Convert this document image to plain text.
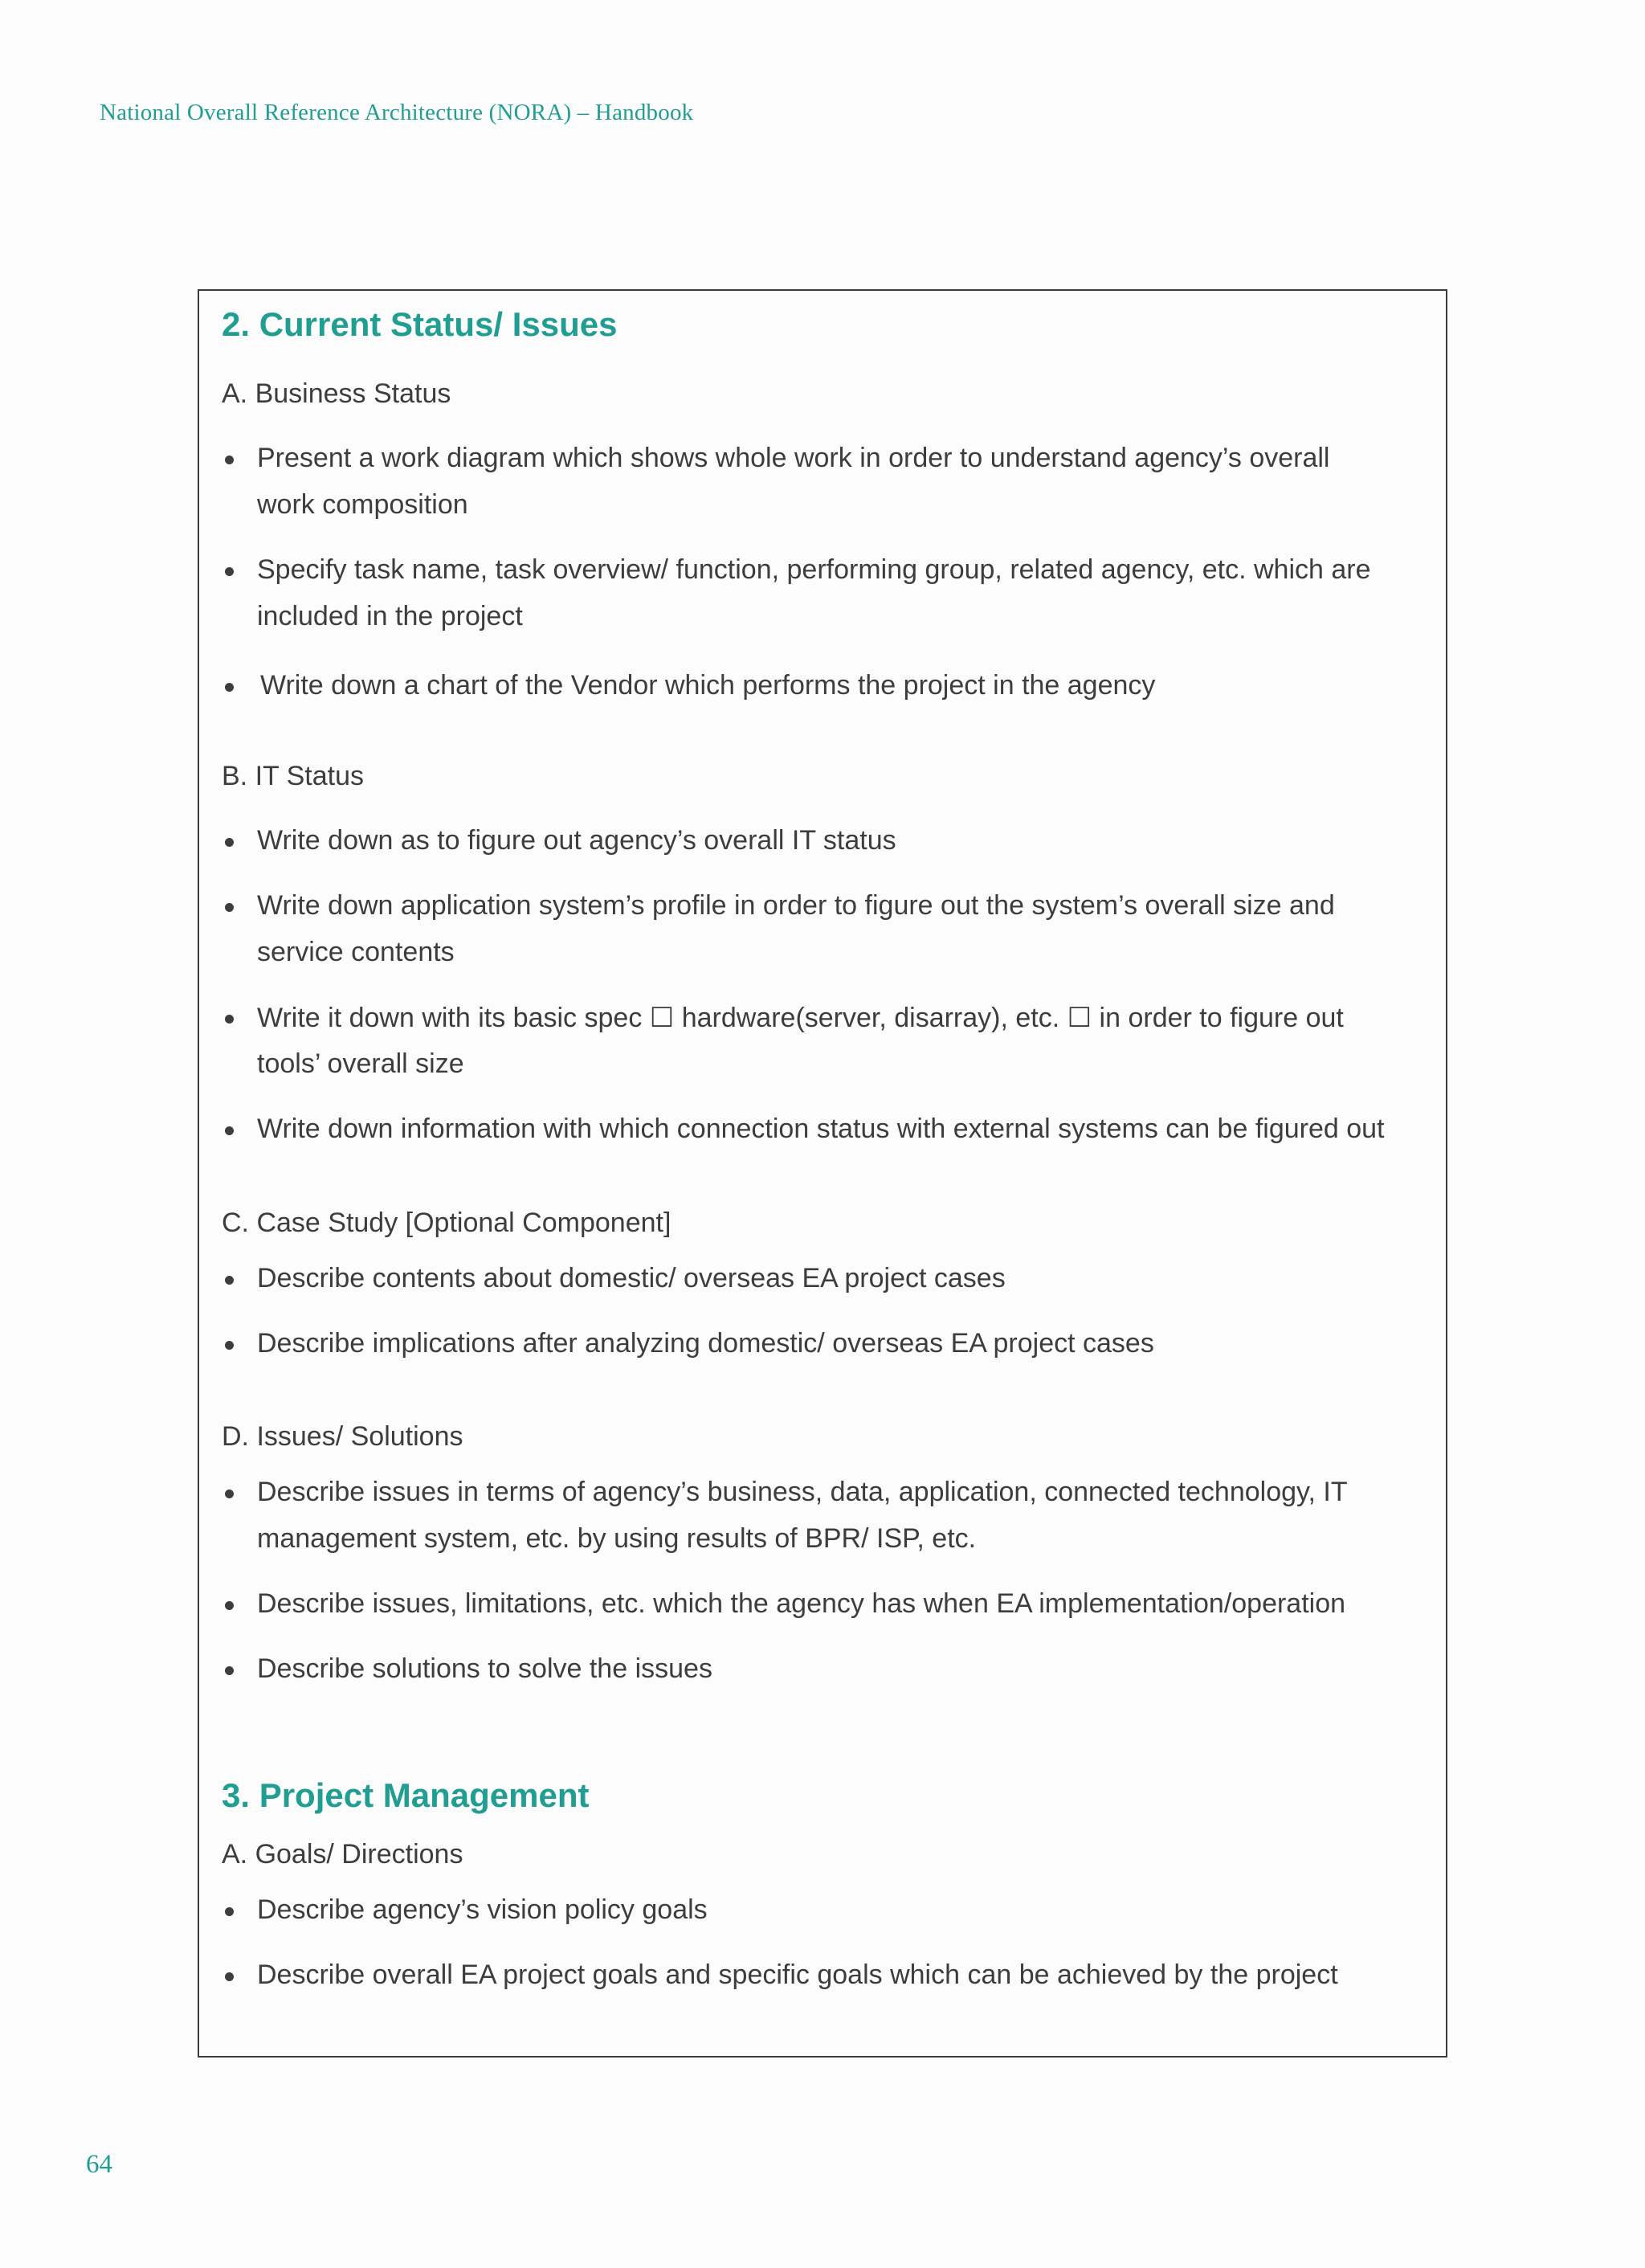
National Overall Reference Architecture (NORA) – Handbook
2. Current Status/ Issues
A. Business Status
Present a work diagram which shows whole work in order to understand agency’s overall
work composition
Specify task name, task overview/ function, performing group, related agency, etc. which are
included in the project
Write down a chart of the Vendor which performs the project in the agency
B. IT Status
Write down as to figure out agency’s overall IT status
Write down application system’s profile in order to figure out the system’s overall size and
service contents
Write it down with its basic spec ☐ hardware(server, disarray), etc. ☐ in order to figure out
tools’ overall size
Write down information with which connection status with external systems can be figured out
C. Case Study [Optional Component]
Describe contents about domestic/ overseas EA project cases
Describe implications after analyzing domestic/ overseas EA project cases
D. Issues/ Solutions
Describe issues in terms of agency’s business, data, application, connected technology, IT
management system, etc. by using results of BPR/ ISP, etc.
Describe issues, limitations, etc. which the agency has when EA implementation/operation
Describe solutions to solve the issues
3. Project Management
A. Goals/ Directions
Describe agency’s vision policy goals
Describe overall EA project goals and specific goals which can be achieved by the project
64
